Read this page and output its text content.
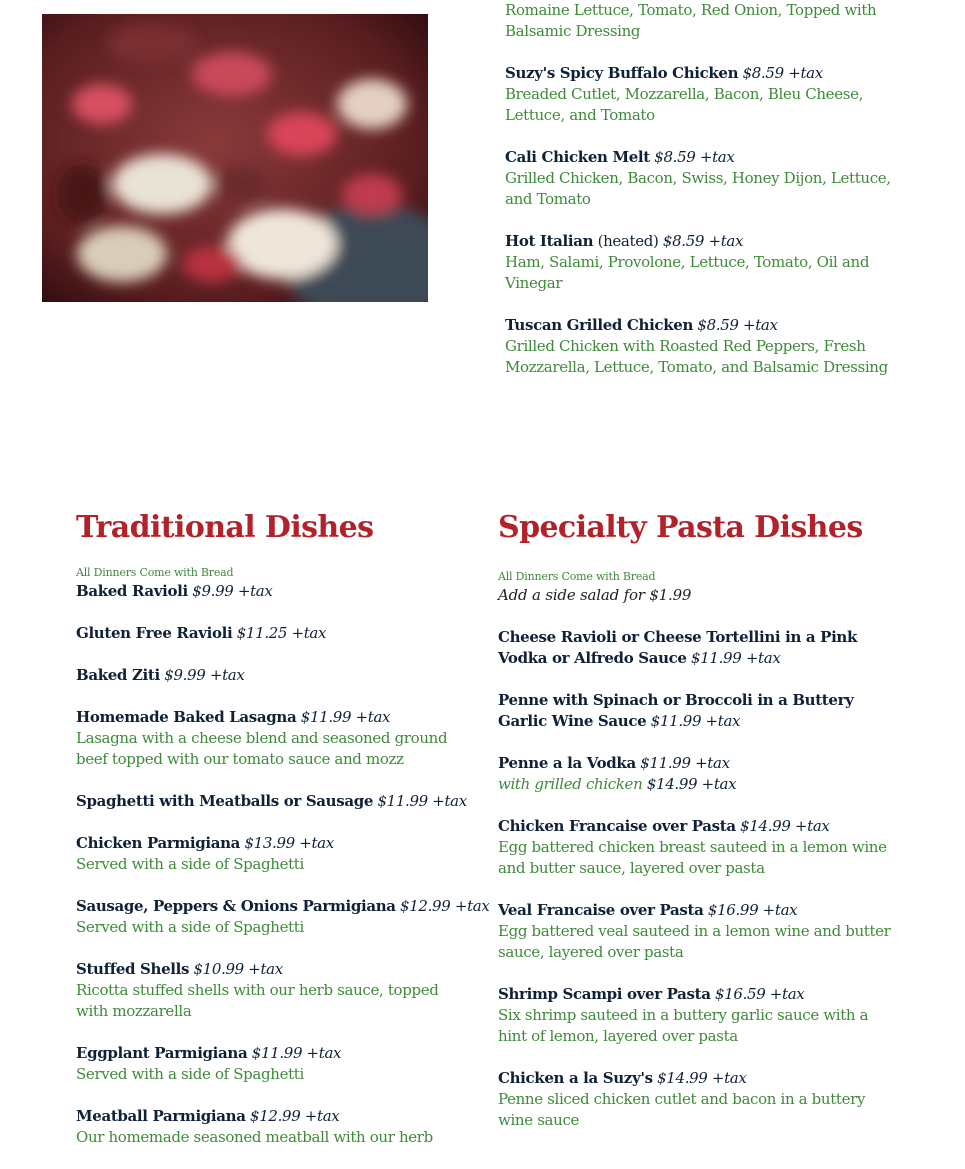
Romaine Lettuce, Tomato, Red Onion, Topped with Balsamic Dressing
Suzy's Spicy Buffalo Chicken $8.59 +tax
Breaded Cutlet, Mozzarella, Bacon, Bleu Cheese, Lettuce, and Tomato
Cali Chicken Melt $8.59 +tax
Grilled Chicken, Bacon, Swiss, Honey Dijon, Lettuce, and Tomato
Hot Italian (heated) $8.59 +tax
Ham, Salami, Provolone, Lettuce, Tomato, Oil and Vinegar
Tuscan Grilled Chicken $8.59 +tax
Grilled Chicken with Roasted Red Peppers, Fresh Mozzarella, Lettuce, Tomato, and Balsamic Dressing
Traditional Dishes
All Dinners Come with Bread
Baked Ravioli $9.99 +tax
Gluten Free Ravioli $11.25 +tax
Baked Ziti $9.99 +tax
Homemade Baked Lasagna $11.99 +tax
Lasagna with a cheese blend and seasoned ground beef topped with our tomato sauce and mozz
Spaghetti with Meatballs or Sausage $11.99 +tax
Chicken Parmigiana $13.99 +tax
Served with a side of Spaghetti
Sausage, Peppers & Onions Parmigiana $12.99 +tax
Served with a side of Spaghetti
Stuffed Shells $10.99 +tax
Ricotta stuffed shells with our herb sauce, topped with mozzarella
Eggplant Parmigiana $11.99 +tax
Served with a side of Spaghetti
Meatball Parmigiana $12.99 +tax
Our homemade seasoned meatball with our herb
Specialty Pasta Dishes
All Dinners Come with Bread
Add a side salad for $1.99
Cheese Ravioli or Cheese Tortellini in a Pink Vodka or Alfredo Sauce $11.99 +tax
Penne with Spinach or Broccoli in a Buttery Garlic Wine Sauce $11.99 +tax
Penne a la Vodka $11.99 +tax
with grilled chicken $14.99 +tax
Chicken Francaise over Pasta $14.99 +tax
Egg battered chicken breast sauteed in a lemon wine and butter sauce, layered over pasta
Veal Francaise over Pasta $16.99 +tax
Egg battered veal sauteed in a lemon wine and butter sauce, layered over pasta
Shrimp Scampi over Pasta $16.59 +tax
Six shrimp sauteed in a buttery garlic sauce with a hint of lemon, layered over pasta
Chicken a la Suzy's $14.99 +tax
Penne sliced chicken cutlet and bacon in a buttery wine sauce
